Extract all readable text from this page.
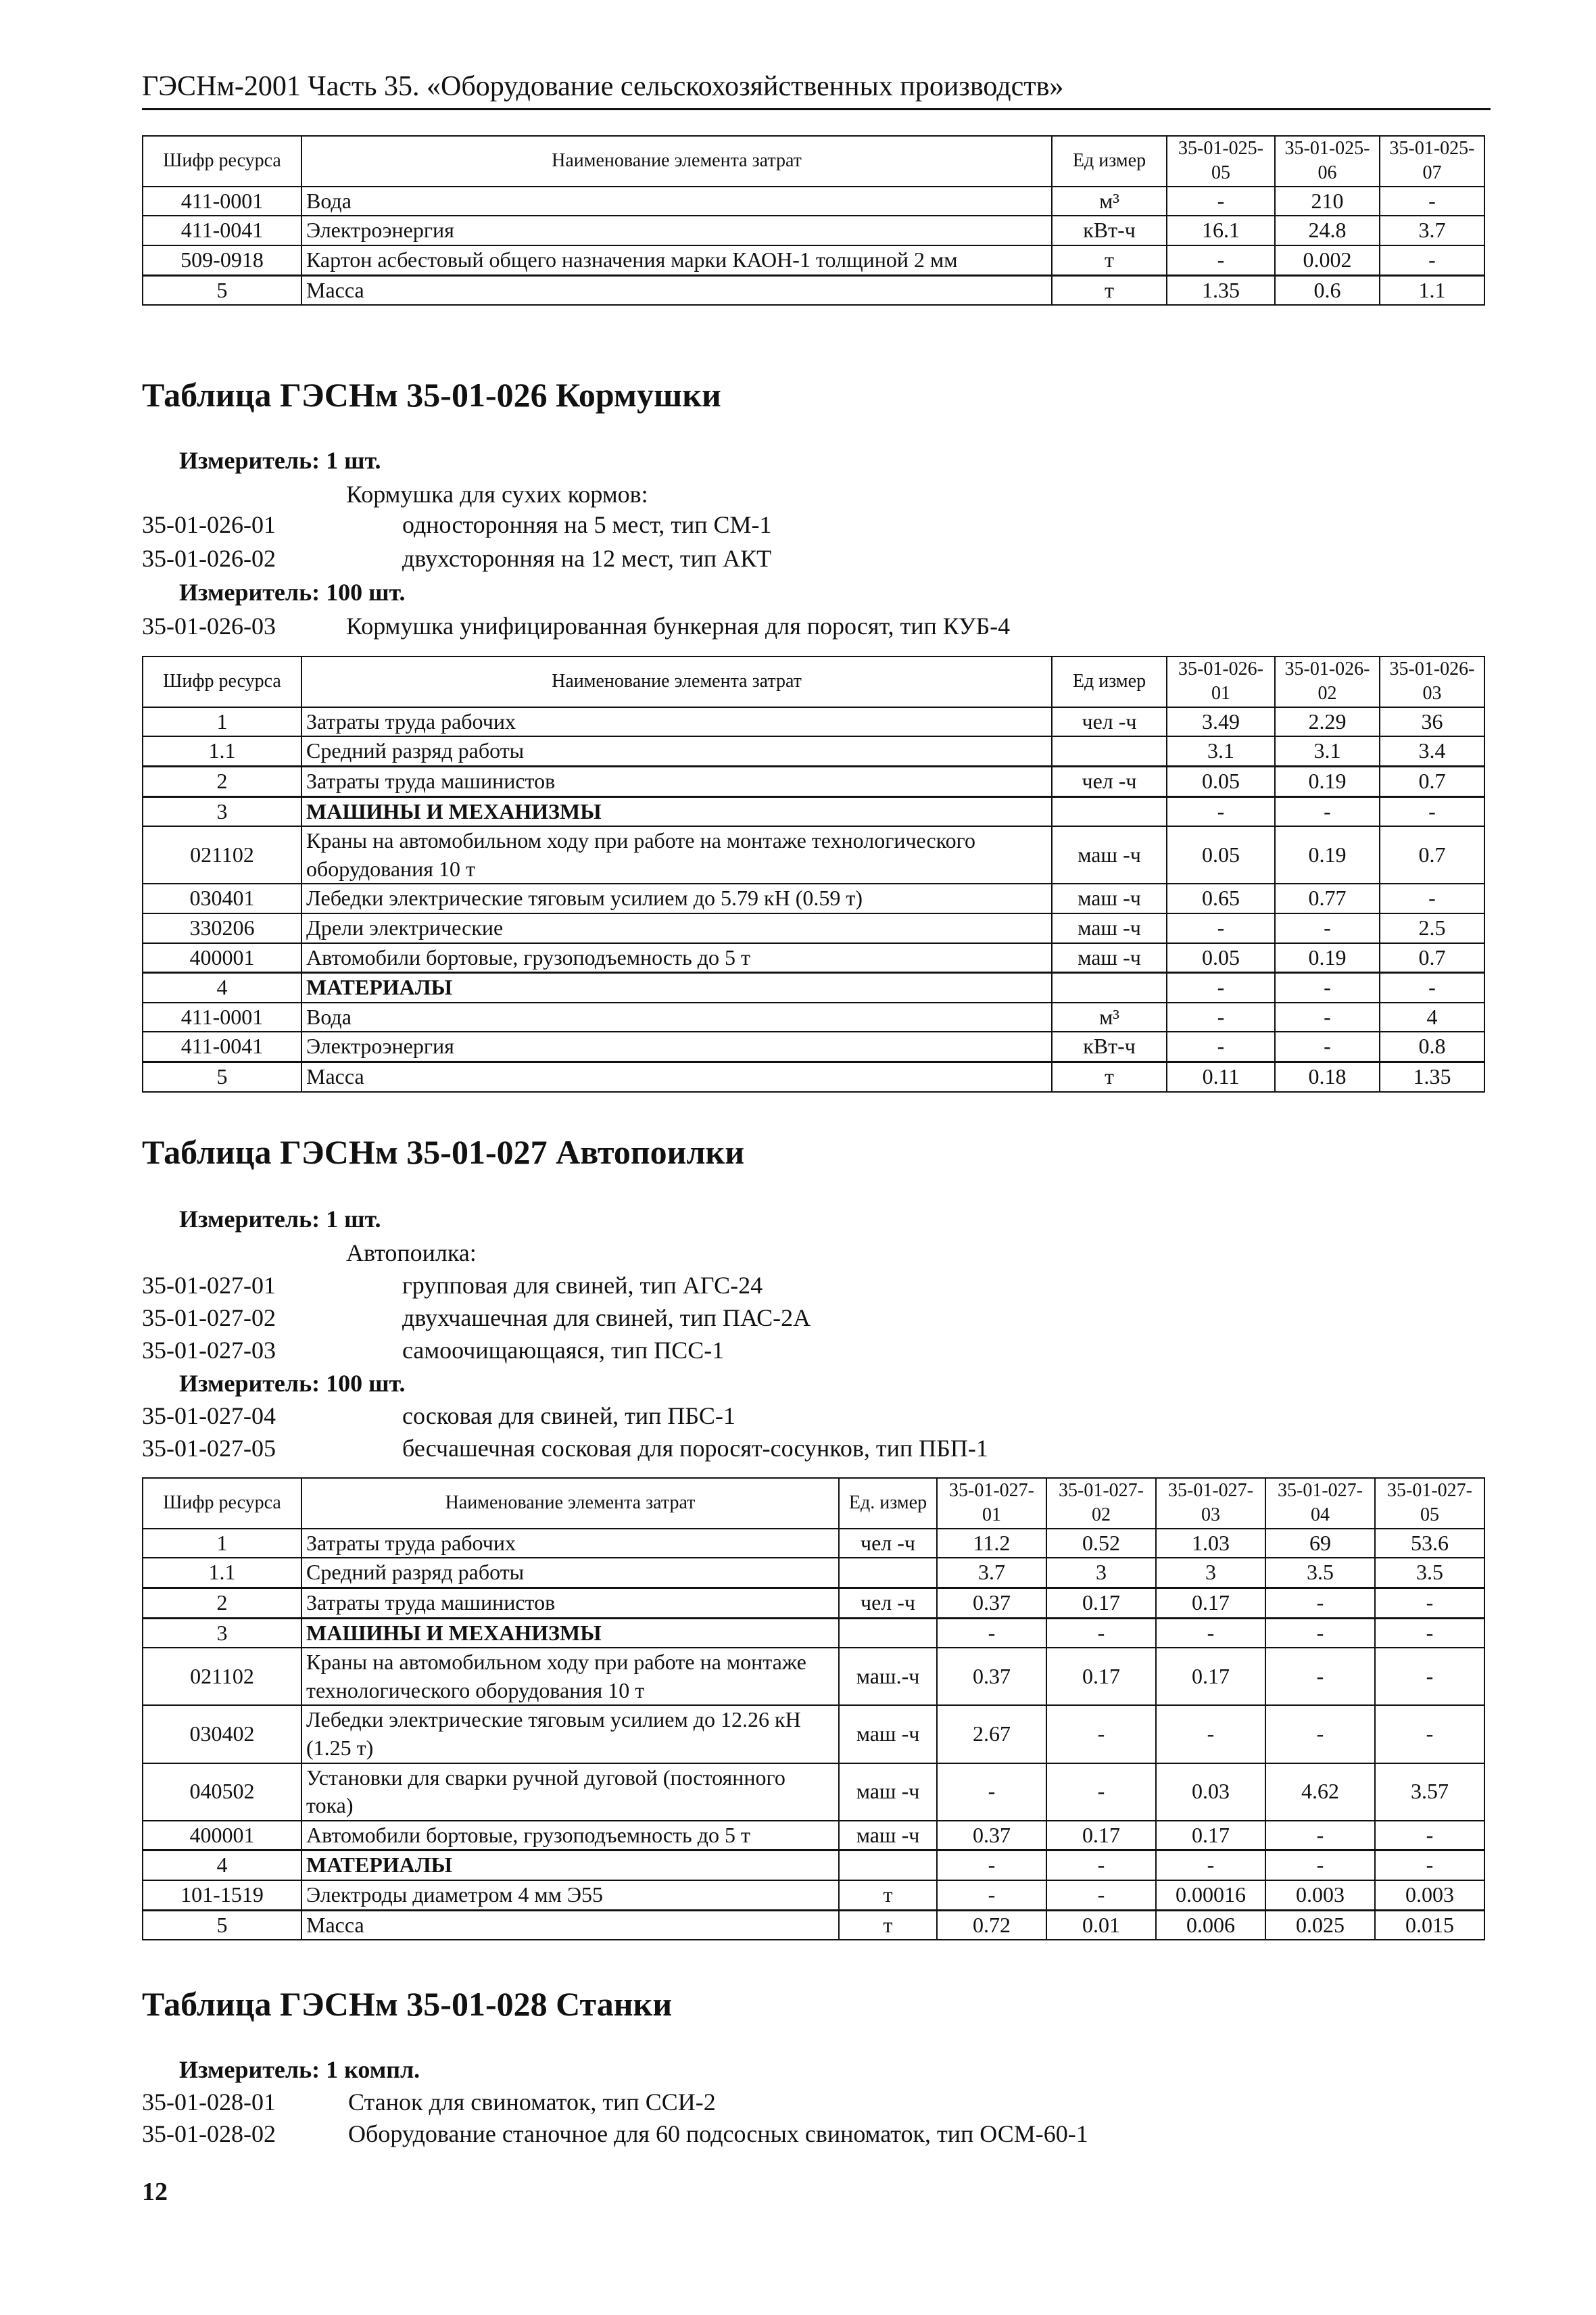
ГЭСНм-2001 Часть 35. «Оборудование сельскохозяйственных производств»
Шифр ресурса	Наименование элемента затрат	Ед измер	35-01-025-05	35-01-025-06	35-01-025-07
411-0001	Вода	м³	-	210	-
411-0041	Электроэнергия	кВт-ч	16.1	24.8	3.7
509-0918	Картон асбестовый общего назначения марки КАОН-1 толщиной 2 мм	т	-	0.002	-
5	Масса	т	1.35	0.6	1.1
Таблица ГЭСНм 35-01-026 Кормушки
Измеритель: 1 шт.
Кормушка для сухих кормов:
35-01-026-01	односторонняя на 5 мест, тип СМ-1
35-01-026-02	двухсторонняя на 12 мест, тип АКТ
Измеритель: 100 шт.
35-01-026-03	Кормушка унифицированная бункерная для поросят, тип КУБ-4
Шифр ресурса	Наименование элемента затрат	Ед измер	35-01-026-01	35-01-026-02	35-01-026-03
1	Затраты труда рабочих	чел -ч	3.49	2.29	36
1.1	Средний разряд работы		3.1	3.1	3.4
2	Затраты труда машинистов	чел -ч	0.05	0.19	0.7
3	МАШИНЫ И МЕХАНИЗМЫ		-	-	-
021102	Краны на автомобильном ходу при работе на монтаже технологического оборудования 10 т	маш -ч	0.05	0.19	0.7
030401	Лебедки электрические тяговым усилием до 5.79 кН (0.59 т)	маш -ч	0.65	0.77	-
330206	Дрели электрические	маш -ч	-	-	2.5
400001	Автомобили бортовые, грузоподъемность до 5 т	маш -ч	0.05	0.19	0.7
4	МАТЕРИАЛЫ		-	-	-
411-0001	Вода	м³	-	-	4
411-0041	Электроэнергия	кВт-ч	-	-	0.8
5	Масса	т	0.11	0.18	1.35
Таблица ГЭСНм 35-01-027 Автопоилки
Измеритель: 1 шт.
Автопоилка:
35-01-027-01	групповая для свиней, тип АГС-24
35-01-027-02	двухчашечная для свиней, тип ПАС-2А
35-01-027-03	самоочищающаяся, тип ПСС-1
Измеритель: 100 шт.
35-01-027-04	сосковая для свиней, тип ПБС-1
35-01-027-05	бесчашечная сосковая для поросят-сосунков, тип ПБП-1
Шифр ресурса	Наименование элемента затрат	Ед. измер	35-01-027-01	35-01-027-02	35-01-027-03	35-01-027-04	35-01-027-05
1	Затраты труда рабочих	чел -ч	11.2	0.52	1.03	69	53.6
1.1	Средний разряд работы		3.7	3	3	3.5	3.5
2	Затраты труда машинистов	чел -ч	0.37	0.17	0.17	-	-
3	МАШИНЫ И МЕХАНИЗМЫ		-	-	-	-	-
021102	Краны на автомобильном ходу при работе на монтаже технологического оборудования 10 т	маш.-ч	0.37	0.17	0.17	-	-
030402	Лебедки электрические тяговым усилием до 12.26 кН (1.25 т)	маш -ч	2.67	-	-	-	-
040502	Установки для сварки ручной дуговой (постоянного тока)	маш -ч	-	-	0.03	4.62	3.57
400001	Автомобили бортовые, грузоподъемность до 5 т	маш -ч	0.37	0.17	0.17	-	-
4	МАТЕРИАЛЫ		-	-	-	-	-
101-1519	Электроды диаметром 4 мм Э55	т	-	-	0.00016	0.003	0.003
5	Масса	т	0.72	0.01	0.006	0.025	0.015
Таблица ГЭСНм 35-01-028 Станки
Измеритель: 1 компл.
35-01-028-01	Станок для свиноматок, тип ССИ-2
35-01-028-02	Оборудование станочное для 60 подсосных свиноматок, тип ОСМ-60-1
12
